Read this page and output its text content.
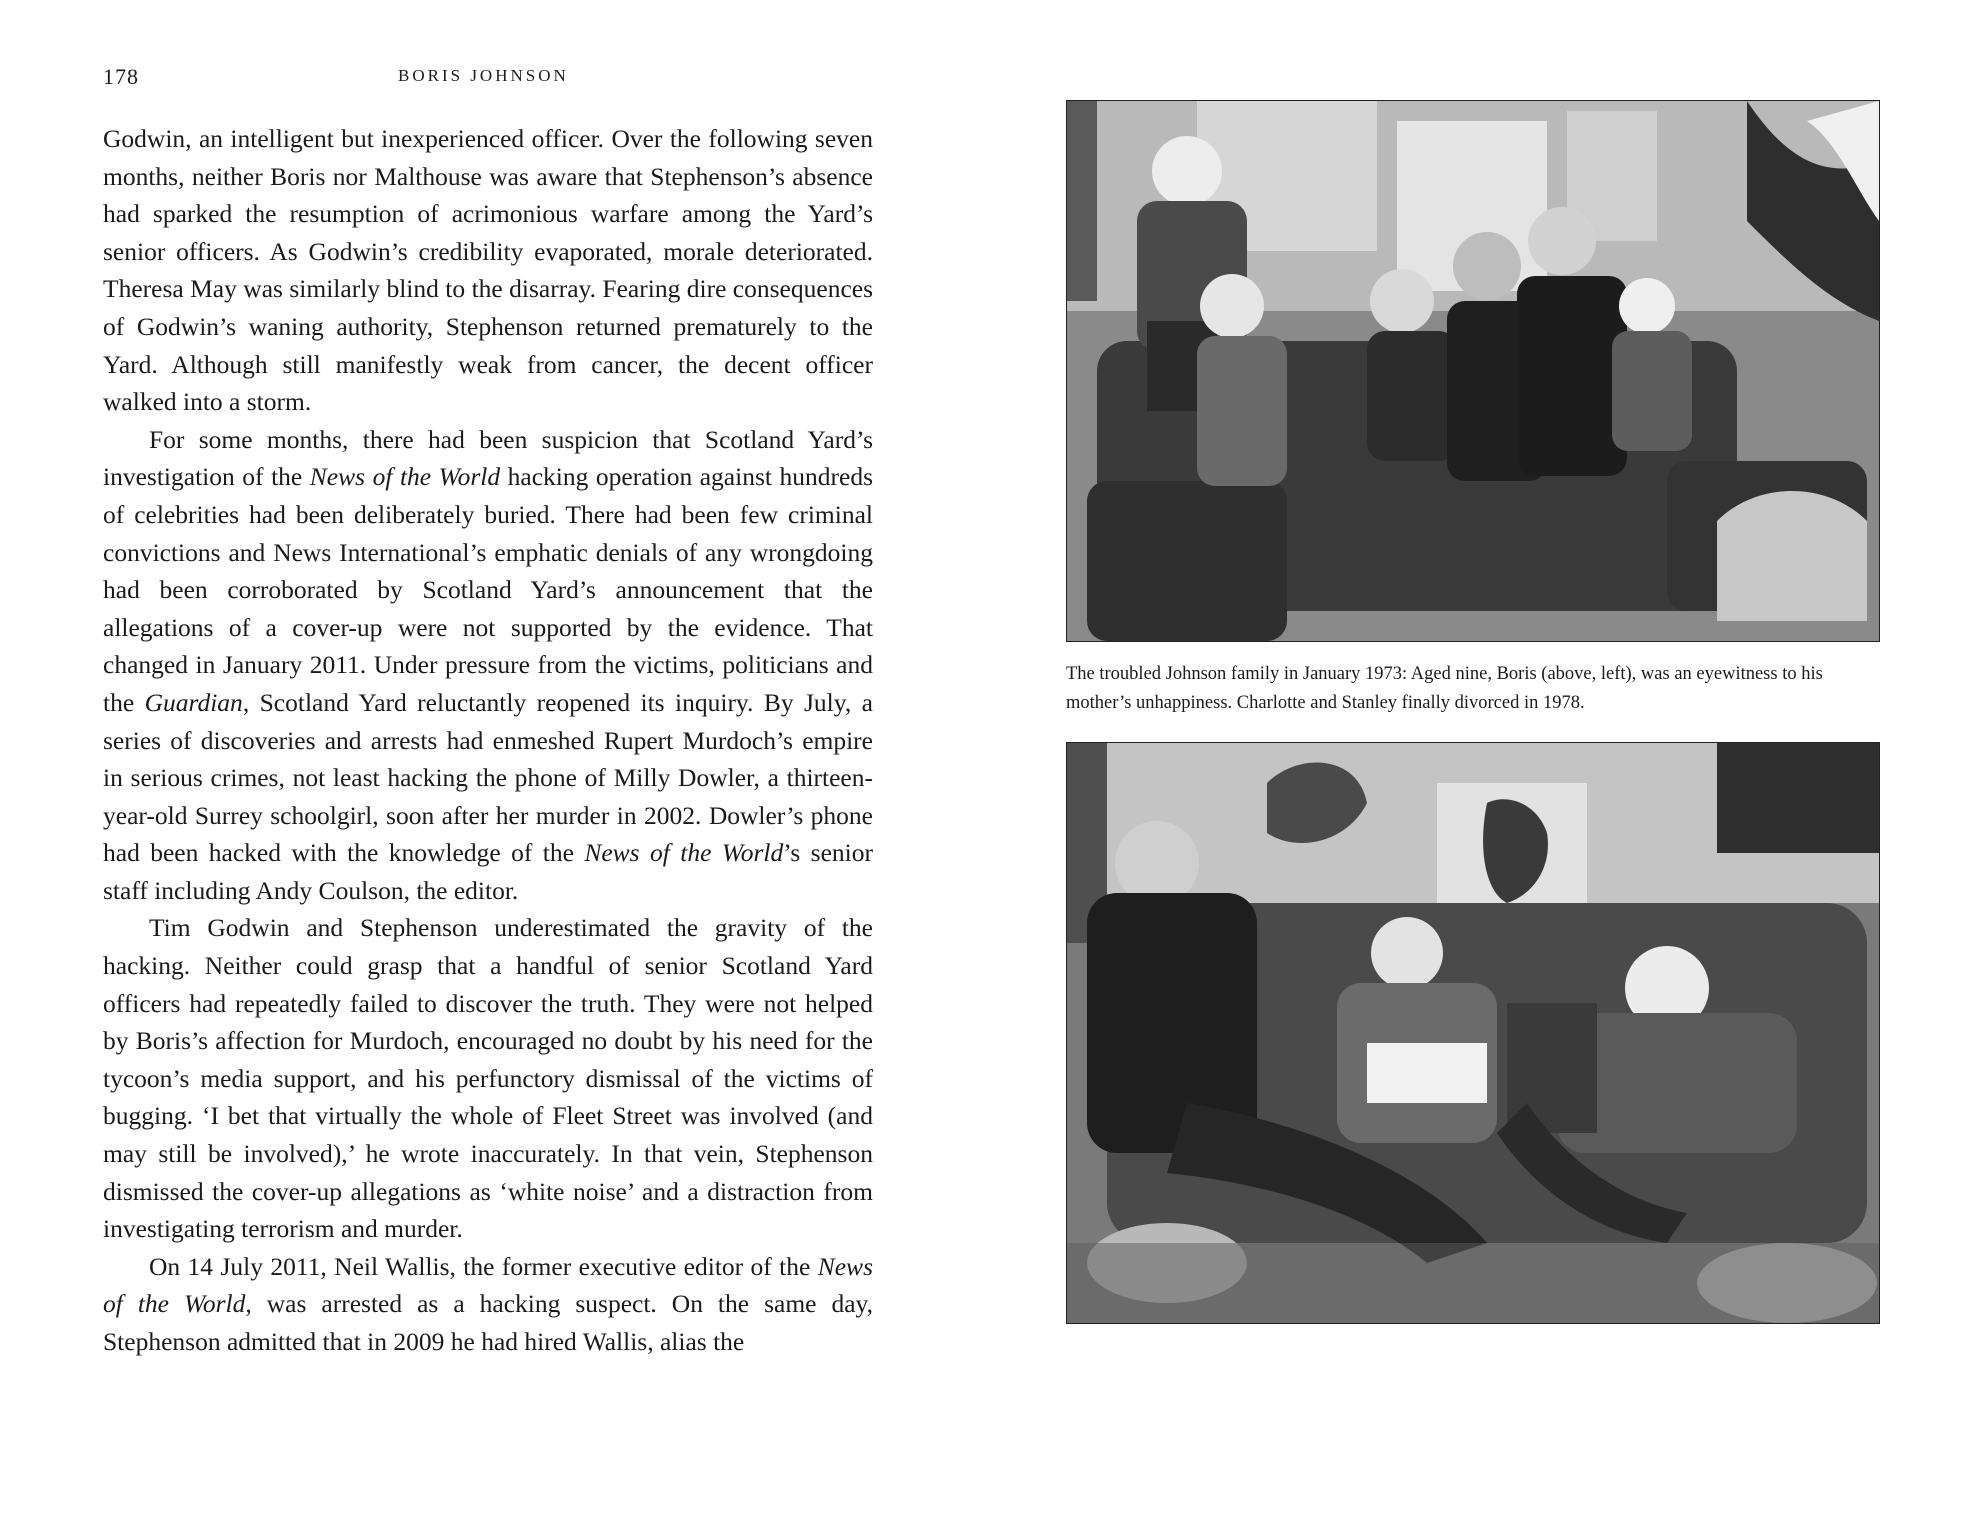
178	BORIS JOHNSON

Godwin, an intelligent but inexperienced officer. Over the following seven months, neither Boris nor Malthouse was aware that Stephenson’s absence had sparked the resumption of acrimonious warfare among the Yard’s senior officers. As Godwin’s credibility evaporated, morale deteriorated. Theresa May was similarly blind to the disarray. Fearing dire consequences of Godwin’s waning authority, Stephenson returned prematurely to the Yard. Although still manifestly weak from cancer, the decent officer walked into a storm.

For some months, there had been suspicion that Scotland Yard’s investigation of the News of the World hacking operation against hundreds of celebrities had been deliberately buried. There had been few criminal convictions and News International’s emphatic denials of any wrongdoing had been corroborated by Scotland Yard’s announcement that the allegations of a cover-up were not supported by the evidence. That changed in January 2011. Under pressure from the victims, politicians and the Guardian, Scotland Yard reluctantly reopened its inquiry. By July, a series of discoveries and arrests had enmeshed Rupert Murdoch’s empire in serious crimes, not least hacking the phone of Milly Dowler, a thirteen-year-old Surrey schoolgirl, soon after her murder in 2002. Dowler’s phone had been hacked with the knowledge of the News of the World’s senior staff including Andy Coulson, the editor.

Tim Godwin and Stephenson underestimated the gravity of the hacking. Neither could grasp that a handful of senior Scotland Yard officers had repeatedly failed to discover the truth. They were not helped by Boris’s affection for Murdoch, encouraged no doubt by his need for the tycoon’s media support, and his perfunctory dismissal of the victims of bugging. ‘I bet that virtually the whole of Fleet Street was involved (and may still be involved),’ he wrote inaccurately. In that vein, Stephenson dismissed the cover-up allegations as ‘white noise’ and a distraction from investigating terrorism and murder.

On 14 July 2011, Neil Wallis, the former executive editor of the News of the World, was arrested as a hacking suspect. On the same day, Stephenson admitted that in 2009 he had hired Wallis, alias the

The troubled Johnson family in January 1973: Aged nine, Boris (above, left), was an eyewitness to his mother’s unhappiness. Charlotte and Stanley finally divorced in 1978.
